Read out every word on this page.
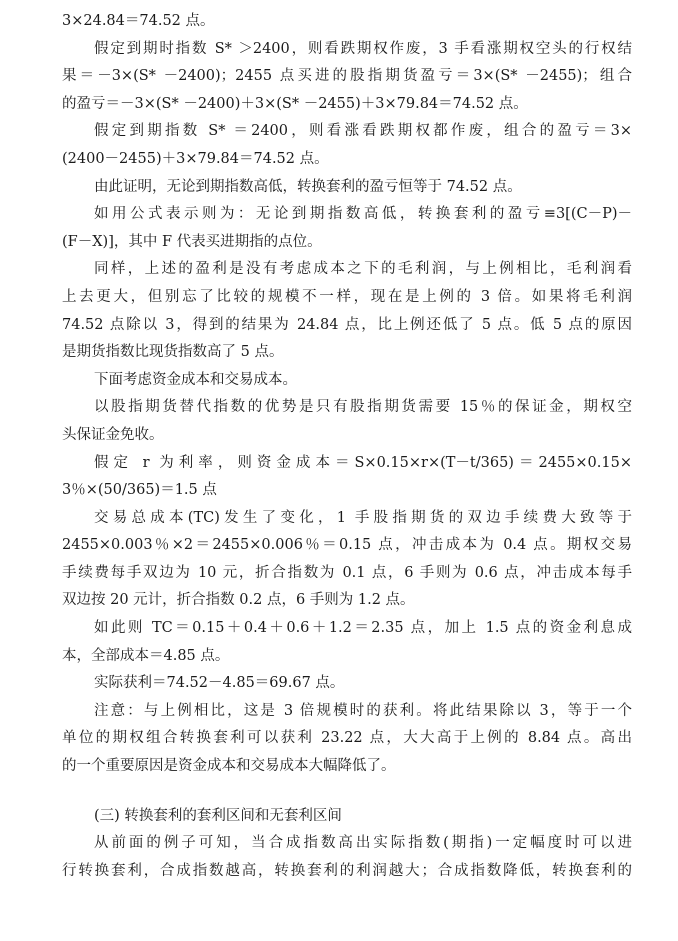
3×24.84＝74.52 点。
假定到期时指数 S* ＞2400，则看跌期权作废，3 手看涨期权空头的行权结
果＝－3×(S* －2400)；2455 点买进的股指期货盈亏＝3×(S* －2455)；组合
的盈亏＝－3×(S* －2400)＋3×(S* －2455)＋3×79.84＝74.52 点。
假定到期指数 S* ＝2400，则看涨看跌期权都作废，组合的盈亏＝3×
(2400－2455)＋3×79.84＝74.52 点。
由此证明，无论到期指数高低，转换套利的盈亏恒等于 74.52 点。
如用公式表示则为：无论到期指数高低，转换套利的盈亏≡3[(C－P)－
(F－X)]，其中 F 代表买进期指的点位。
同样，上述的盈利是没有考虑成本之下的毛利润，与上例相比，毛利润看
上去更大，但别忘了比较的规模不一样，现在是上例的 3 倍。如果将毛利润
74.52 点除以 3，得到的结果为 24.84 点，比上例还低了 5 点。低 5 点的原因
是期货指数比现货指数高了 5 点。
下面考虑资金成本和交易成本。
以股指期货替代指数的优势是只有股指期货需要 15％的保证金，期权空
头保证金免收。
假定 r 为利率，则资金成本＝S×0.15×r×(T－t/365)＝2455×0.15×
3％×(50/365)＝1.5 点
交易总成本(TC)发生了变化，1 手股指期货的双边手续费大致等于
2455×0.003％×2＝2455×0.006％＝0.15 点，冲击成本为 0.4 点。期权交易
手续费每手双边为 10 元，折合指数为 0.1 点，6 手则为 0.6 点，冲击成本每手
双边按 20 元计，折合指数 0.2 点，6 手则为 1.2 点。
如此则 TC＝0.15＋0.4＋0.6＋1.2＝2.35 点，加上 1.5 点的资金利息成
本，全部成本＝4.85 点。
实际获利＝74.52－4.85＝69.67 点。
注意：与上例相比，这是 3 倍规模时的获利。将此结果除以 3，等于一个
单位的期权组合转换套利可以获利 23.22 点，大大高于上例的 8.84 点。高出
的一个重要原因是资金成本和交易成本大幅降低了。
(三) 转换套利的套利区间和无套利区间
从前面的例子可知，当合成指数高出实际指数(期指)一定幅度时可以进
行转换套利，合成指数越高，转换套利的利润越大；合成指数降低，转换套利的
